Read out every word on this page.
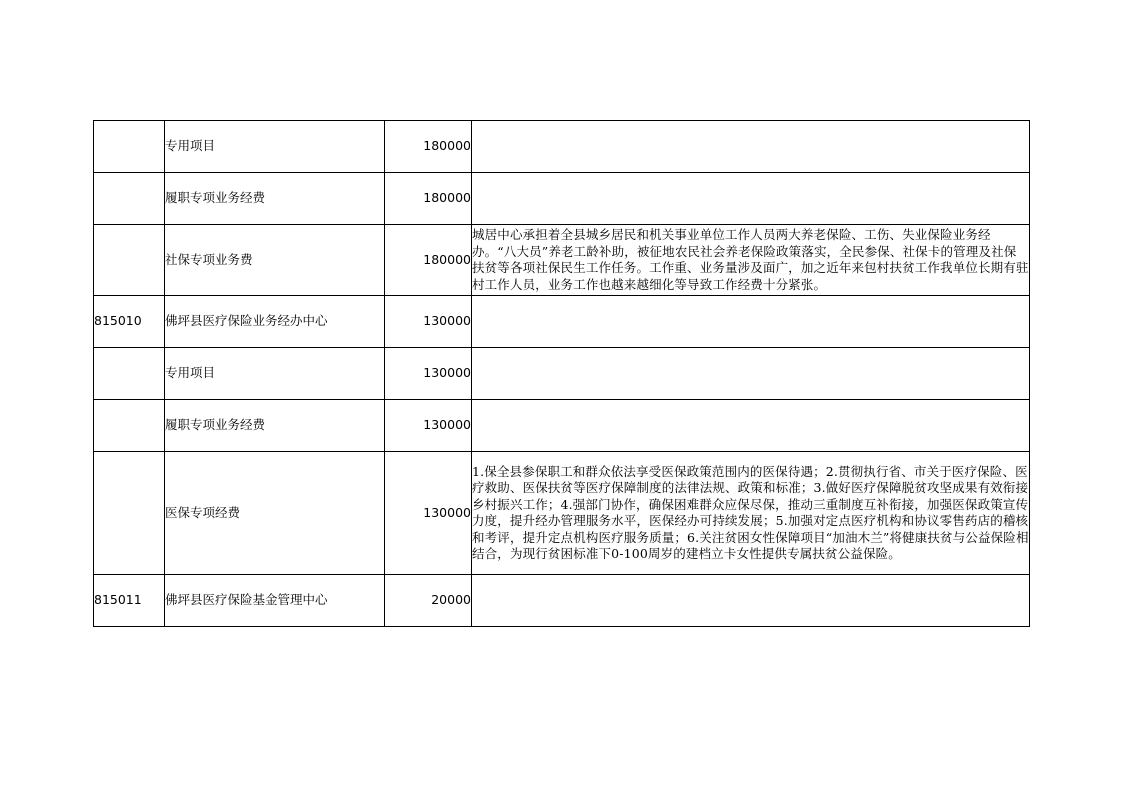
	专用项目	180000	
	履职专项业务经费	180000	
	社保专项业务费	180000	城居中心承担着全县城乡居民和机关事业单位工作人员两大养老保险、工伤、失业保险业务经办。“八大员”养老工龄补助，被征地农民社会养老保险政策落实，全民参保、社保卡的管理及社保扶贫等各项社保民生工作任务。工作重、业务量涉及面广，加之近年来包村扶贫工作我单位长期有驻村工作人员，业务工作也越来越细化等导致工作经费十分紧张。
815010	佛坪县医疗保险业务经办中心	130000	
	专用项目	130000	
	履职专项业务经费	130000	
	医保专项经费	130000	1.保全县参保职工和群众依法享受医保政策范围内的医保待遇；2.贯彻执行省、市关于医疗保险、医疗救助、医保扶贫等医疗保障制度的法律法规、政策和标准；3.做好医疗保障脱贫攻坚成果有效衔接乡村振兴工作；4.强部门协作，确保困难群众应保尽保，推动三重制度互补衔接，加强医保政策宣传力度，提升经办管理服务水平，医保经办可持续发展；5.加强对定点医疗机构和协议零售药店的稽核和考评，提升定点机构医疗服务质量；6.关注贫困女性保障项目“加油木兰”将健康扶贫与公益保险相结合，为现行贫困标准下0-100周岁的建档立卡女性提供专属扶贫公益保险。
815011	佛坪县医疗保险基金管理中心	20000	
